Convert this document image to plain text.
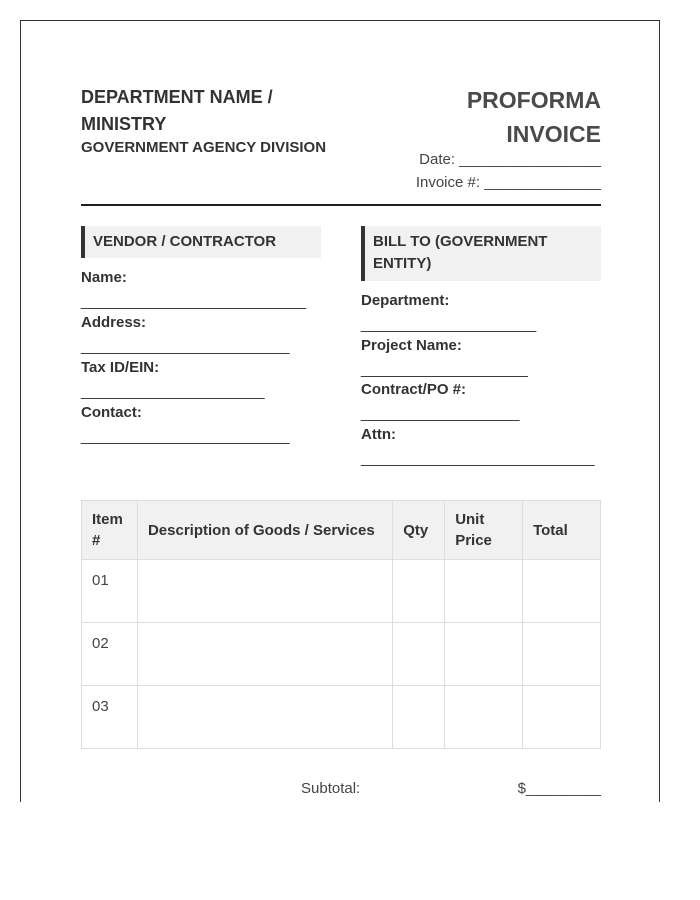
DEPARTMENT NAME / MINISTRY
GOVERNMENT AGENCY DIVISION
PROFORMA INVOICE
Date: _________________
Invoice #: ______________
VENDOR / CONTRACTOR
Name:
___________________________
Address:
_________________________
Tax ID/EIN:
______________________
Contact:
_________________________
BILL TO (GOVERNMENT ENTITY)
Department:
_____________________
Project Name:
____________________
Contract/PO #:
___________________
Attn:
____________________________
Item #	Description of Goods / Services	Qty	Unit Price	Total
01				
02				
03				
Subtotal:	$_________
